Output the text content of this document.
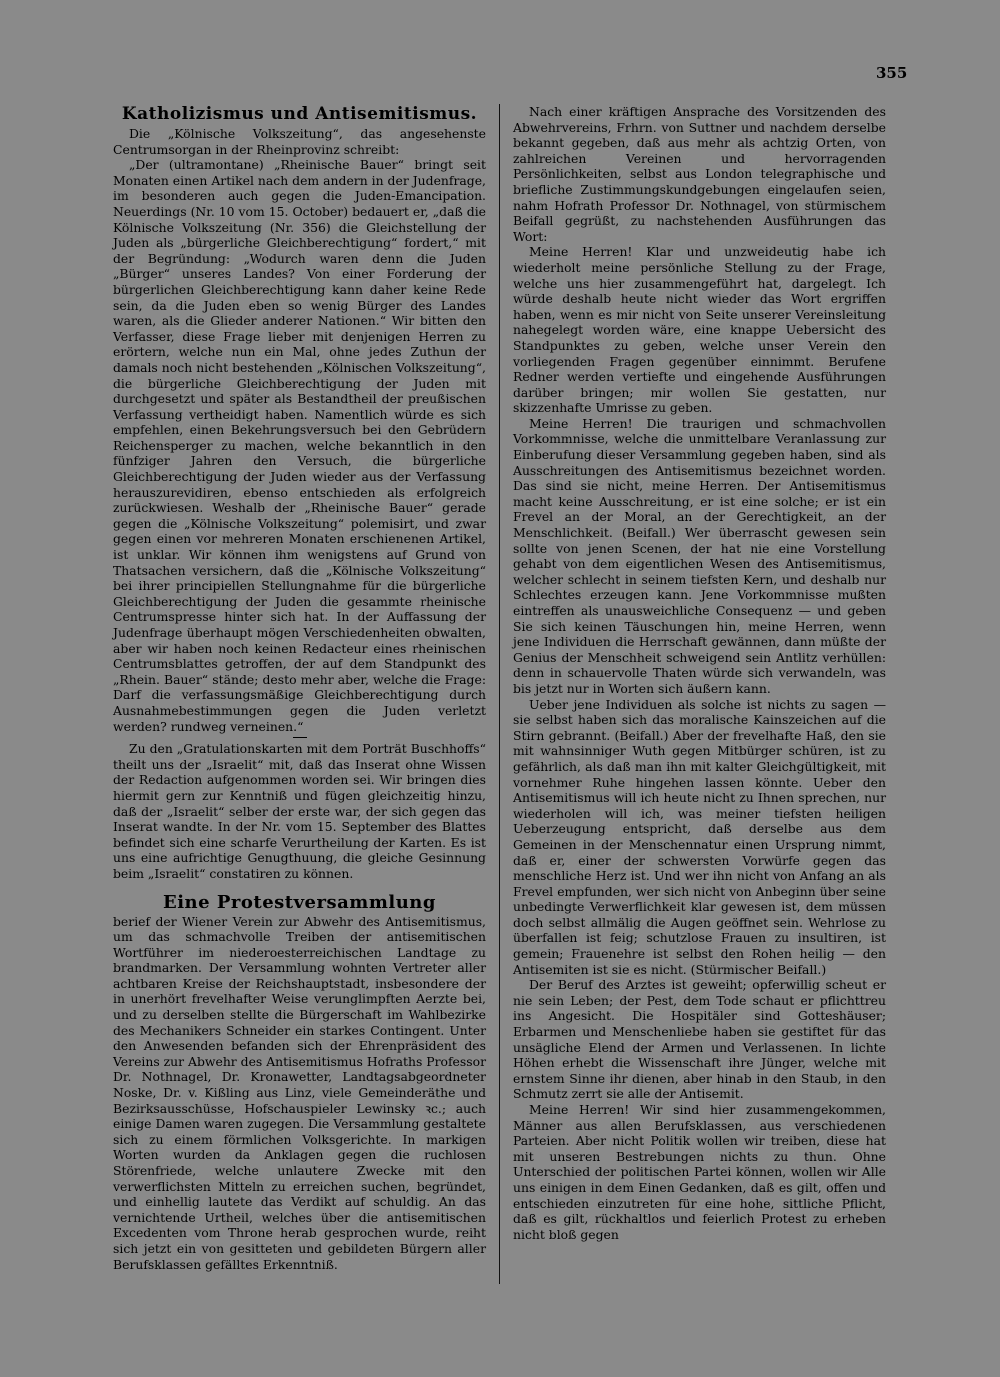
355
Katholizismus und Antisemitismus.

Die „Kölnische Volkszeitung“, das angesehenste Centrumsorgan in der Rheinprovinz schreibt:

„Der (ultramontane) „Rheinische Bauer“ bringt seit Monaten einen Artikel nach dem andern in der Judenfrage, im besonderen auch gegen die Juden-Emancipation. Neuerdings (Nr. 10 vom 15. October) bedauert er, „daß die Kölnische Volkszeitung (Nr. 356) die Gleichstellung der Juden als „bürgerliche Gleichberechtigung“ fordert,“ mit der Begründung: „Wodurch waren denn die Juden „Bürger“ unseres Landes? Von einer Forderung der bürgerlichen Gleichberechtigung kann daher keine Rede sein, da die Juden eben so wenig Bürger des Landes waren, als die Glieder anderer Nationen.“ Wir bitten den Verfasser, diese Frage lieber mit denjenigen Herren zu erörtern, welche nun ein Mal, ohne jedes Zuthun der damals noch nicht bestehenden „Kölnischen Volkszeitung“, die bürgerliche Gleichberechtigung der Juden mit durchgesetzt und später als Bestandtheil der preußischen Verfassung vertheidigt haben. Namentlich würde es sich empfehlen, einen Bekehrungsversuch bei den Gebrüdern Reichensperger zu machen, welche bekanntlich in den fünfziger Jahren den Versuch, die bürgerliche Gleichberechtigung der Juden wieder aus der Verfassung herauszurevidiren, ebenso entschieden als erfolgreich zurückwiesen. Weshalb der „Rheinische Bauer“ gerade gegen die „Kölnische Volkszeitung“ polemisirt, und zwar gegen einen vor mehreren Monaten erschienenen Artikel, ist unklar. Wir können ihm wenigstens auf Grund von Thatsachen versichern, daß die „Kölnische Volkszeitung“ bei ihrer principiellen Stellungnahme für die bürgerliche Gleichberechtigung der Juden die gesammte rheinische Centrumspresse hinter sich hat. In der Auffassung der Judenfrage überhaupt mögen Verschiedenheiten obwalten, aber wir haben noch keinen Redacteur eines rheinischen Centrumsblattes getroffen, der auf dem Standpunkt des „Rhein. Bauer“ stände; desto mehr aber, welche die Frage: Darf die verfassungsmäßige Gleichberechtigung durch Ausnahmebestimmungen gegen die Juden verletzt werden? rundweg verneinen.“

Zu den „Gratulationskarten mit dem Porträt Buschhoffs“ theilt uns der „Israelit“ mit, daß das Inserat ohne Wissen der Redaction aufgenommen worden sei. Wir bringen dies hiermit gern zur Kenntniß und fügen gleichzeitig hinzu, daß der „Israelit“ selber der erste war, der sich gegen das Inserat wandte. In der Nr. vom 15. September des Blattes befindet sich eine scharfe Verurtheilung der Karten. Es ist uns eine aufrichtige Genugthuung, die gleiche Gesinnung beim „Israelit“ constatiren zu können.

Eine Protestversammlung

berief der Wiener Verein zur Abwehr des Antisemitismus, um das schmachvolle Treiben der antisemitischen Wortführer im niederoesterreichischen Landtage zu brandmarken. Der Versammlung wohnten Vertreter aller achtbaren Kreise der Reichshauptstadt, insbesondere der in unerhört frevelhafter Weise verunglimpften Aerzte bei, und zu derselben stellte die Bürgerschaft im Wahlbezirke des Mechanikers Schneider ein starkes Contingent. Unter den Anwesenden befanden sich der Ehrenpräsident des Vereins zur Abwehr des Antisemitismus Hofraths Professor Dr. Nothnagel, Dr. Kronawetter, Landtagsabgeordneter Noske, Dr. v. Kißling aus Linz, viele Gemeinderäthe und Bezirksausschüsse, Hofschauspieler Lewinsky ꝛc.; auch einige Damen waren zugegen. Die Versammlung gestaltete sich zu einem förmlichen Volksgerichte. In markigen Worten wurden da Anklagen gegen die ruchlosen Störenfriede, welche unlautere Zwecke mit den verwerflichsten Mitteln zu erreichen suchen, begründet, und einhellig lautete das Verdikt auf schuldig. An das vernichtende Urtheil, welches über die antisemitischen Excedenten vom Throne herab gesprochen wurde, reiht sich jetzt ein von gesitteten und gebildeten Bürgern aller Berufsklassen gefälltes Erkenntniß.

Nach einer kräftigen Ansprache des Vorsitzenden des Abwehrvereins, Frhrn. von Suttner und nachdem derselbe bekannt gegeben, daß aus mehr als achtzig Orten, von zahlreichen Vereinen und hervorragenden Persönlichkeiten, selbst aus London telegraphische und briefliche Zustimmungskundgebungen eingelaufen seien, nahm Hofrath Professor Dr. Nothnagel, von stürmischem Beifall gegrüßt, zu nachstehenden Ausführungen das Wort:

Meine Herren! Klar und unzweideutig habe ich wiederholt meine persönliche Stellung zu der Frage, welche uns hier zusammengeführt hat, dargelegt. Ich würde deshalb heute nicht wieder das Wort ergriffen haben, wenn es mir nicht von Seite unserer Vereinsleitung nahegelegt worden wäre, eine knappe Uebersicht des Standpunktes zu geben, welche unser Verein den vorliegenden Fragen gegenüber einnimmt. Berufene Redner werden vertiefte und eingehende Ausführungen darüber bringen; mir wollen Sie gestatten, nur skizzenhafte Umrisse zu geben.

Meine Herren! Die traurigen und schmachvollen Vorkommnisse, welche die unmittelbare Veranlassung zur Einberufung dieser Versammlung gegeben haben, sind als Ausschreitungen des Antisemitismus bezeichnet worden. Das sind sie nicht, meine Herren. Der Antisemitismus macht keine Ausschreitung, er ist eine solche; er ist ein Frevel an der Moral, an der Gerechtigkeit, an der Menschlichkeit. (Beifall.) Wer überrascht gewesen sein sollte von jenen Scenen, der hat nie eine Vorstellung gehabt von dem eigentlichen Wesen des Antisemitismus, welcher schlecht in seinem tiefsten Kern, und deshalb nur Schlechtes erzeugen kann. Jene Vorkommnisse mußten eintreffen als unausweichliche Consequenz — und geben Sie sich keinen Täuschungen hin, meine Herren, wenn jene Individuen die Herrschaft gewännen, dann müßte der Genius der Menschheit schweigend sein Antlitz verhüllen: denn in schauervolle Thaten würde sich verwandeln, was bis jetzt nur in Worten sich äußern kann.

Ueber jene Individuen als solche ist nichts zu sagen — sie selbst haben sich das moralische Kainszeichen auf die Stirn gebrannt. (Beifall.) Aber der frevelhafte Haß, den sie mit wahnsinniger Wuth gegen Mitbürger schüren, ist zu gefährlich, als daß man ihn mit kalter Gleichgültigkeit, mit vornehmer Ruhe hingehen lassen könnte. Ueber den Antisemitismus will ich heute nicht zu Ihnen sprechen, nur wiederholen will ich, was meiner tiefsten heiligen Ueberzeugung entspricht, daß derselbe aus dem Gemeinen in der Menschennatur einen Ursprung nimmt, daß er, einer der schwersten Vorwürfe gegen das menschliche Herz ist. Und wer ihn nicht von Anfang an als Frevel empfunden, wer sich nicht von Anbeginn über seine unbedingte Verwerflichkeit klar gewesen ist, dem müssen doch selbst allmälig die Augen geöffnet sein. Wehrlose zu überfallen ist feig; schutzlose Frauen zu insultiren, ist gemein; Frauenehre ist selbst den Rohen heilig — den Antisemiten ist sie es nicht. (Stürmischer Beifall.)

Der Beruf des Arztes ist geweiht; opferwillig scheut er nie sein Leben; der Pest, dem Tode schaut er pflichttreu ins Angesicht. Die Hospitäler sind Gotteshäuser; Erbarmen und Menschenliebe haben sie gestiftet für das unsägliche Elend der Armen und Verlassenen. In lichte Höhen erhebt die Wissenschaft ihre Jünger, welche mit ernstem Sinne ihr dienen, aber hinab in den Staub, in den Schmutz zerrt sie alle der Antisemit.

Meine Herren! Wir sind hier zusammengekommen, Männer aus allen Berufsklassen, aus verschiedenen Parteien. Aber nicht Politik wollen wir treiben, diese hat mit unseren Bestrebungen nichts zu thun. Ohne Unterschied der politischen Partei können, wollen wir Alle uns einigen in dem Einen Gedanken, daß es gilt, offen und entschieden einzutreten für eine hohe, sittliche Pflicht, daß es gilt, rückhaltlos und feierlich Protest zu erheben nicht bloß gegen
